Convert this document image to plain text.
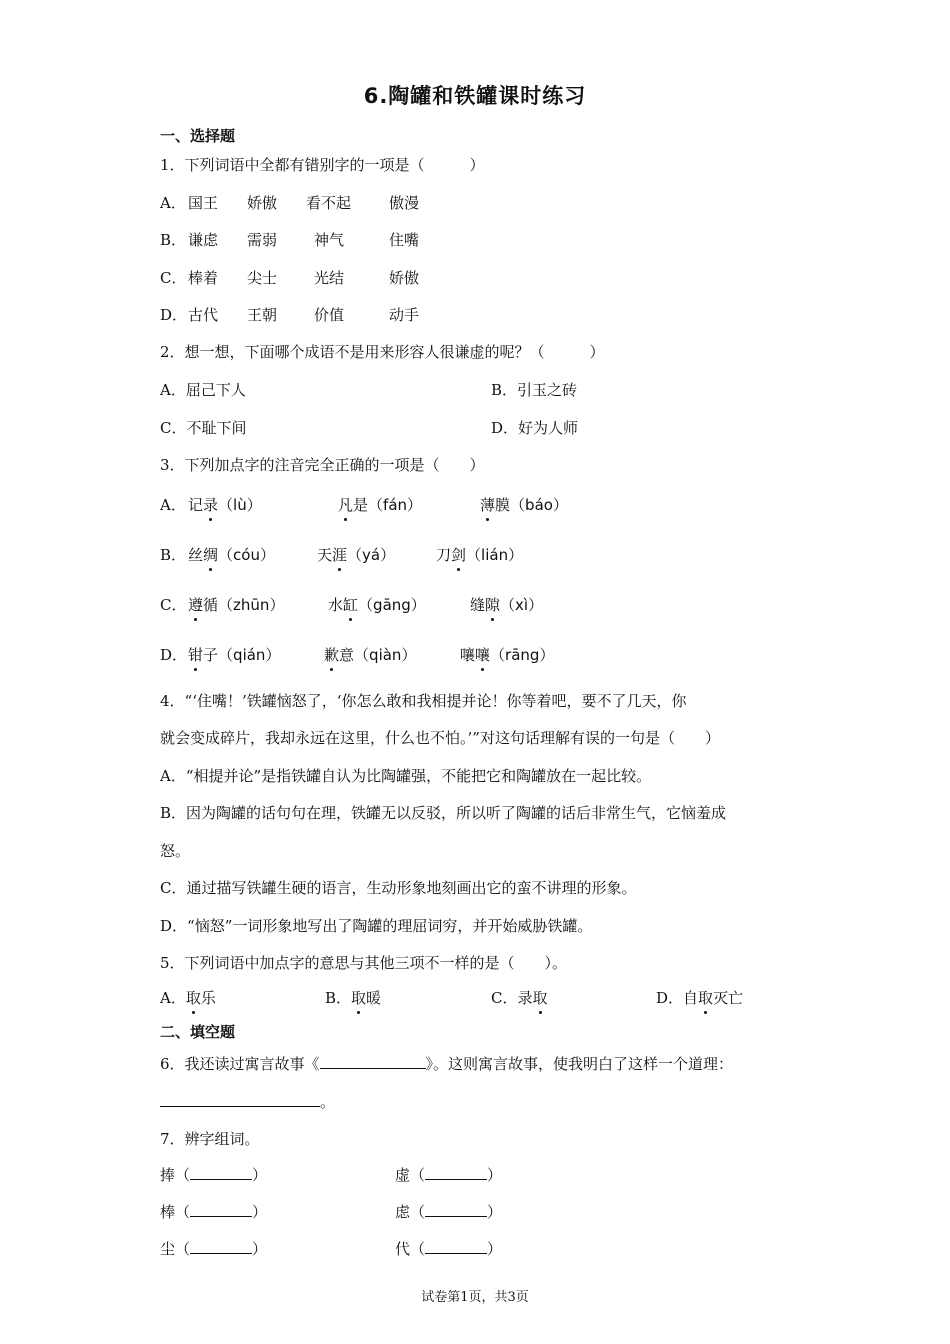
6.陶罐和铁罐课时练习
一、选择题
1．下列词语中全都有错别字的一项是（　　　）
A． 国王 娇傲 看不起	傲漫
B． 谦虑 需弱 神气	住嘴
C． 棒着 尖士 光结	娇傲
D． 古代 王朝 价值	动手
2．想一想，下面哪个成语不是用来形容人很谦虚的呢？（　　　）
A．屈己下人	B．引玉之砖
C．不耻下间	D．好为人师
3．下列加点字的注音完全正确的一项是（　　）
A． 记录（lù）	凡是（fán）	薄膜（báo）
B． 丝绸（cóu）	天涯（yá）	刀剑（lián）
C． 遵循（zhūn）	水缸（gāng）	缝隙（xì）
D． 钳子（qián）	歉意（qiàn）	嚷嚷（rāng）
4．“‘住嘴！’铁罐恼怒了，‘你怎么敢和我相提并论！你等着吧，要不了几天，你
就会变成碎片，我却永远在这里，什么也不怕。’”对这句话理解有误的一句是（　　）
A．“相提并论”是指铁罐自认为比陶罐强，不能把它和陶罐放在一起比较。
B．因为陶罐的话句句在理，铁罐无以反驳，所以听了陶罐的话后非常生气，它恼羞成
怒。
C．通过描写铁罐生硬的语言，生动形象地刻画出它的蛮不讲理的形象。
D．“恼怒”一词形象地写出了陶罐的理屈词穷，并开始威胁铁罐。
5．下列词语中加点字的意思与其他三项不一样的是（　　）。
A．取乐	B．取暖	C．录取	D．自取灭亡
二、填空题
6．我还读过寓言故事《	》。这则寓言故事，使我明白了这样一个道理：
。
7．辨字组词。
捧（	）	虚（	）
棒（	）	虑（	）
尘（	）	代（	）
试卷第1页，共3页
